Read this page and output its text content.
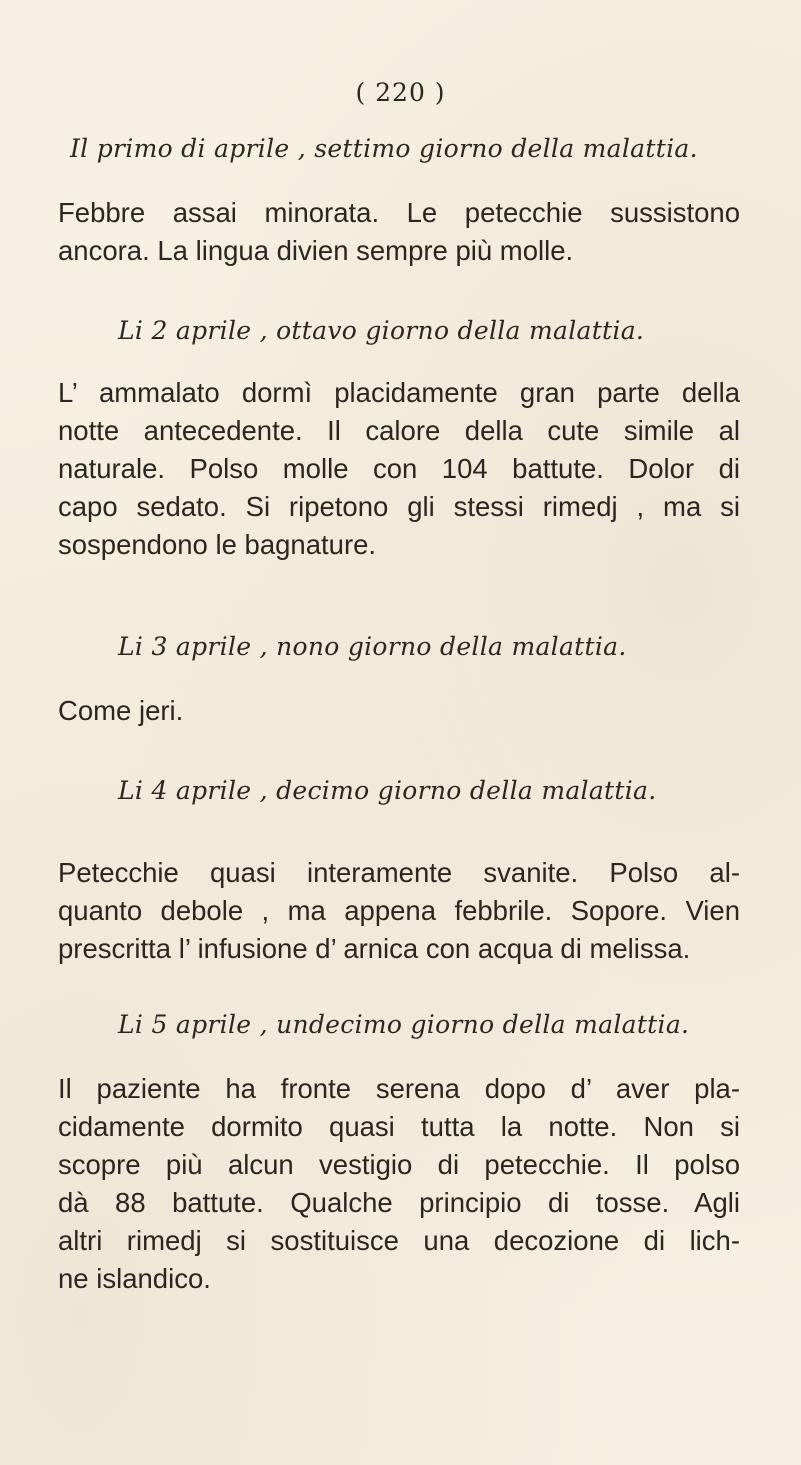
( 220 )
Il primo di aprile , settimo giorno della malattia.
Febbre assai minorata. Le petecchie sussistono
ancora. La lingua divien sempre più molle.
Li 2 aprile , ottavo giorno della malattia.
L’ ammalato dormì placidamente gran parte della
notte antecedente. Il calore della cute simile al
naturale. Polso molle con 104 battute. Dolor di
capo sedato. Si ripetono gli stessi rimedj , ma si
sospendono le bagnature.
Li 3 aprile , nono giorno della malattia.
Come jeri.
Li 4 aprile , decimo giorno della malattia.
Petecchie quasi interamente svanite. Polso al-
quanto debole , ma appena febbrile. Sopore. Vien
prescritta l’ infusione d’ arnica con acqua di melissa.
Li 5 aprile , undecimo giorno della malattia.
Il paziente ha fronte serena dopo d’ aver pla-
cidamente dormito quasi tutta la notte. Non si
scopre più alcun vestigio di petecchie. Il polso
dà 88 battute. Qualche principio di tosse. Agli
altri rimedj si sostituisce una decozione di lich-
ne islandico.
